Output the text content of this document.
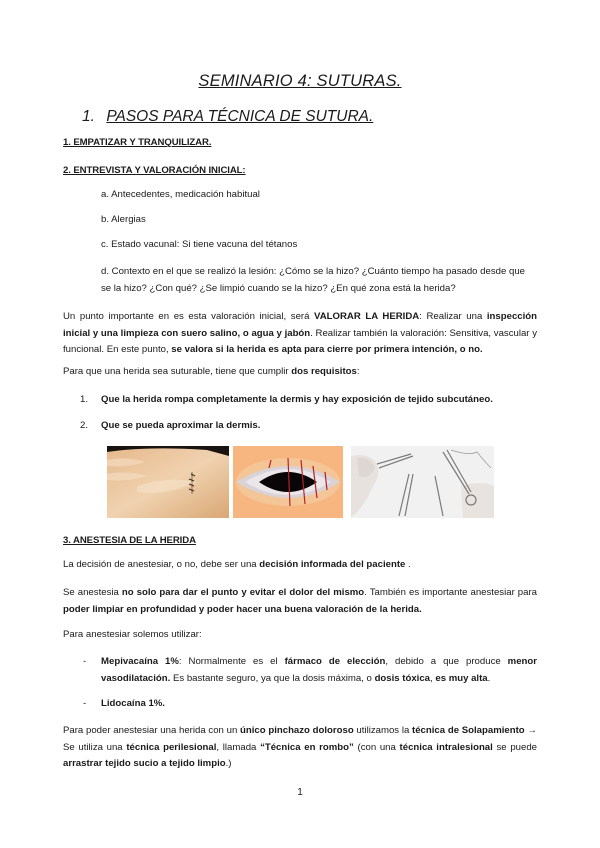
SEMINARIO 4: SUTURAS.
1. PASOS PARA TÉCNICA DE SUTURA.
1. EMPATIZAR Y TRANQUILIZAR.
2. ENTREVISTA Y VALORACIÓN INICIAL:
a. Antecedentes, medicación habitual
b. Alergias
c. Estado vacunal: Si tiene vacuna del tétanos
d. Contexto en el que se realizó la lesión: ¿Cómo se la hizo? ¿Cuánto tiempo ha pasado desde que se la hizo? ¿Con qué? ¿Se limpió cuando se la hizo? ¿En qué zona está la herida?
Un punto importante en es esta valoración inicial, será VALORAR LA HERIDA: Realizar una inspección inicial y una limpieza con suero salino, o agua y jabón. Realizar también la valoración: Sensitiva, vascular y funcional. En este punto, se valora si la herida es apta para cierre por primera intención, o no.
Para que una herida sea suturable, tiene que cumplir dos requisitos:
1. Que la herida rompa completamente la dermis y hay exposición de tejido subcutáneo.
2. Que se pueda aproximar la dermis.
3. ANESTESIA DE LA HERIDA
La decisión de anestesiar, o no, debe ser una decisión informada del paciente .
Se anestesia no solo para dar el punto y evitar el dolor del mismo. También es importante anestesiar para poder limpiar en profundidad y poder hacer una buena valoración de la herida.
Para anestesiar solemos utilizar:
- Mepivacaína 1%: Normalmente es el fármaco de elección, debido a que produce menor vasodilatación. Es bastante seguro, ya que la dosis máxima, o dosis tóxica, es muy alta.
- Lidocaína 1%.
Para poder anestesiar una herida con un único pinchazo doloroso utilizamos la técnica de Solapamiento → Se utiliza una técnica perilesional, llamada “Técnica en rombo” (con una técnica intralesional se puede arrastrar tejido sucio a tejido limpio.)
1
